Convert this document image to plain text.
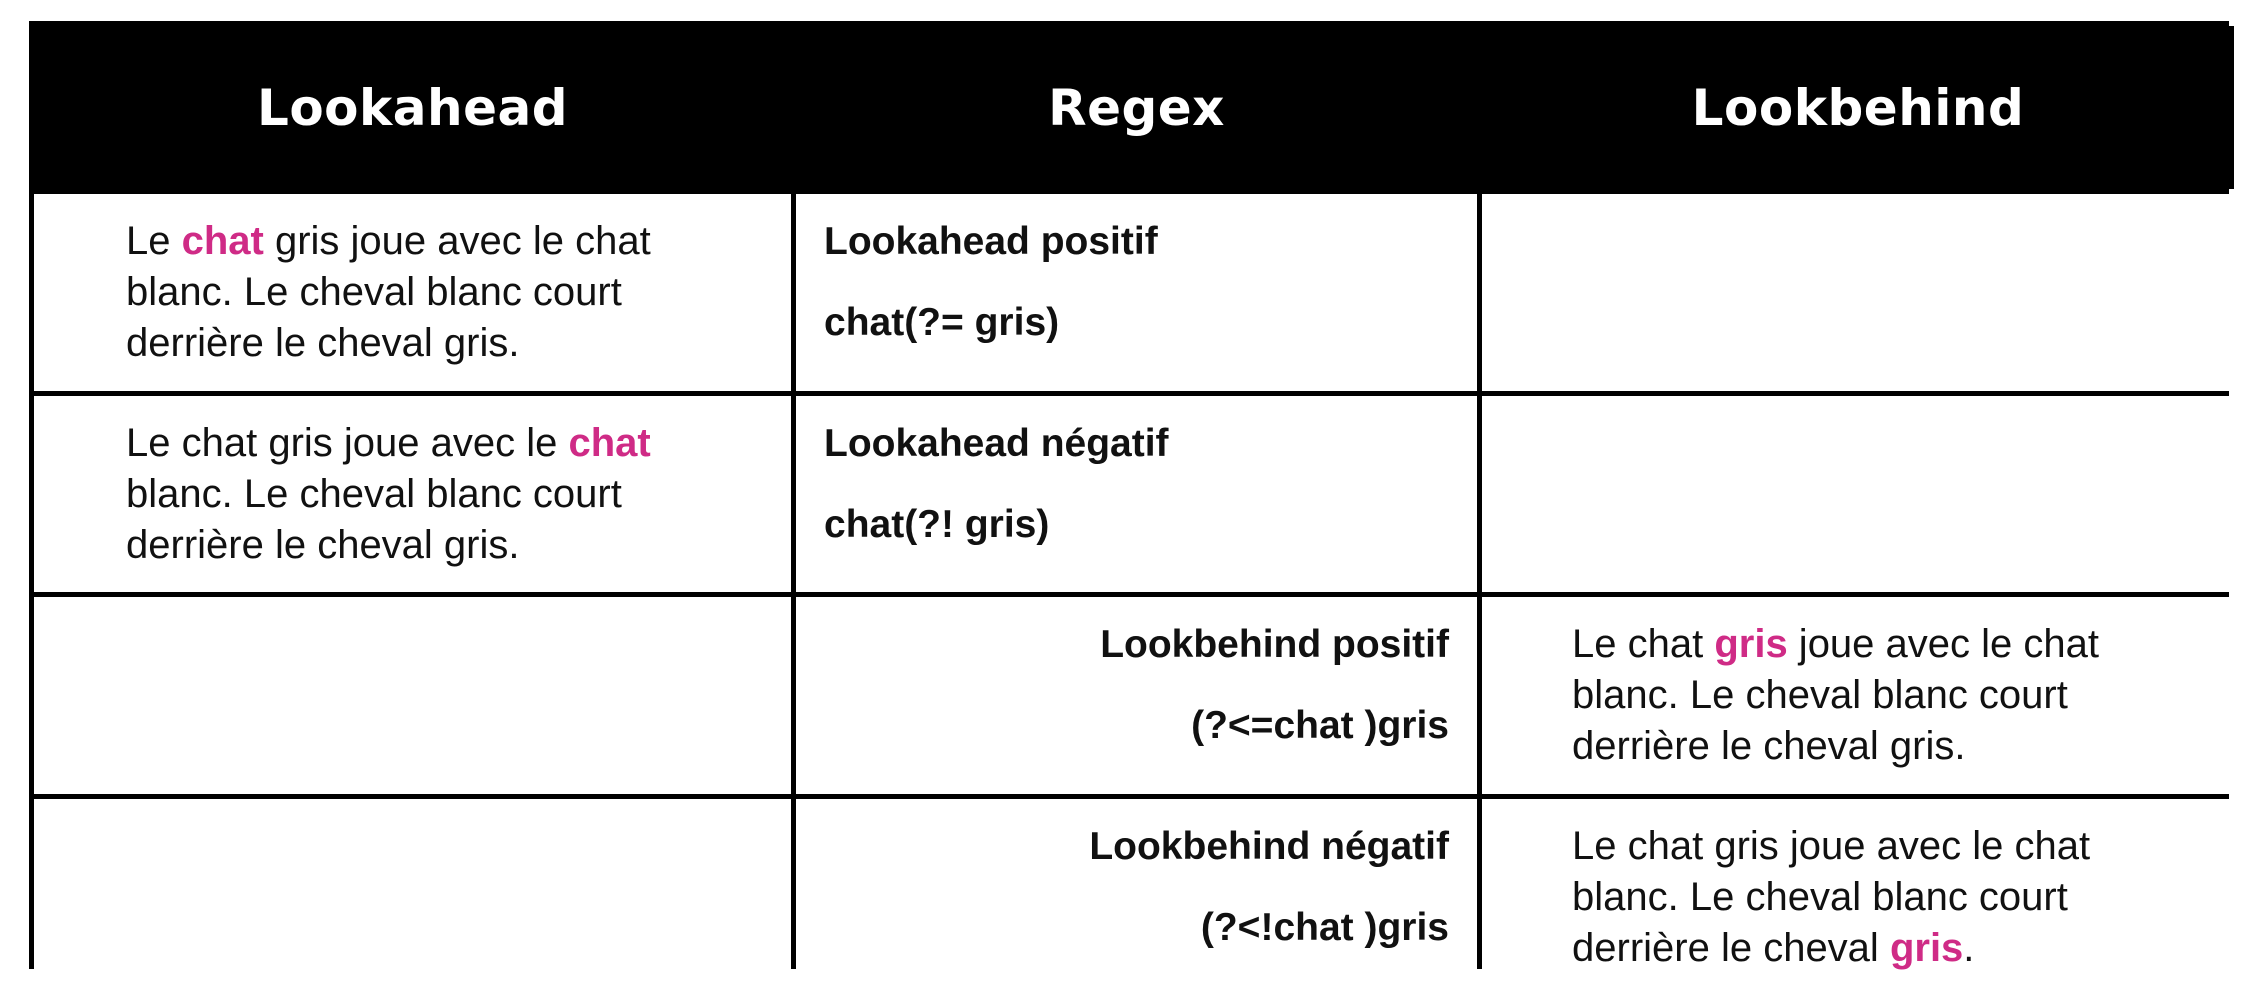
Lookahead	Regex	Lookbehind
Le chat gris joue avec le chat blanc. Le cheval blanc court derrière le cheval gris.
Lookahead positif
chat(?= gris)
Le chat gris joue avec le chat blanc. Le cheval blanc court derrière le cheval gris.
Lookahead négatif
chat(?! gris)
Lookbehind positif
(?<=chat )gris
Le chat gris joue avec le chat blanc. Le cheval blanc court derrière le cheval gris.
Lookbehind négatif
(?<!chat )gris
Le chat gris joue avec le chat blanc. Le cheval blanc court derrière le cheval gris.
